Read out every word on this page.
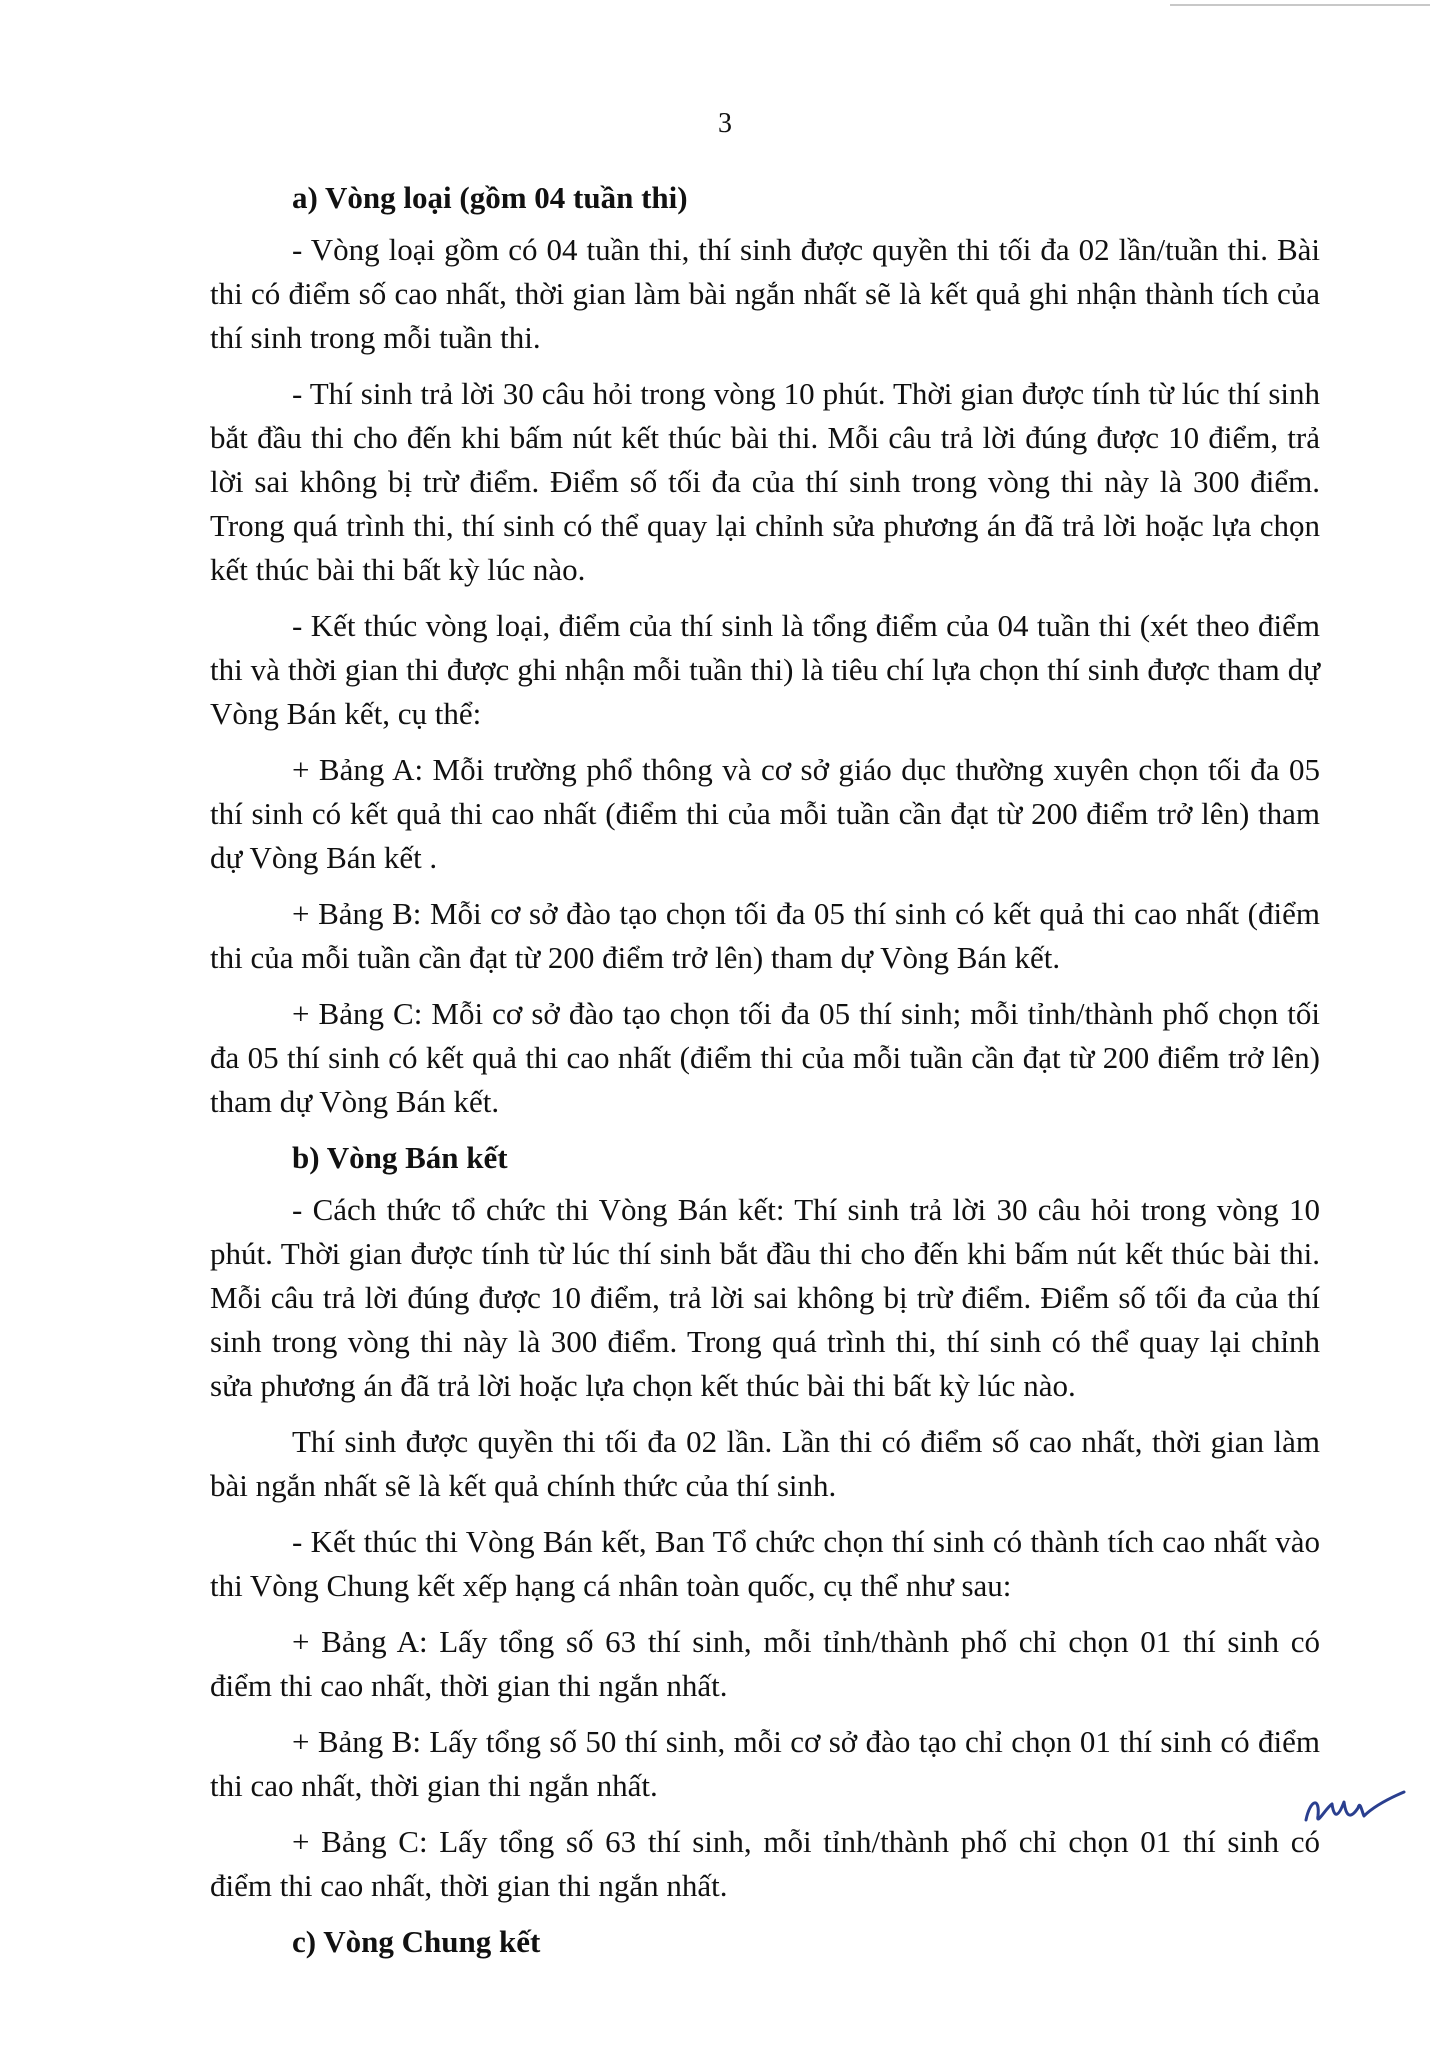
3

a) Vòng loại (gồm 04 tuần thi)

- Vòng loại gồm có 04 tuần thi, thí sinh được quyền thi tối đa 02 lần/tuần thi. Bài thi có điểm số cao nhất, thời gian làm bài ngắn nhất sẽ là kết quả ghi nhận thành tích của thí sinh trong mỗi tuần thi.

- Thí sinh trả lời 30 câu hỏi trong vòng 10 phút. Thời gian được tính từ lúc thí sinh bắt đầu thi cho đến khi bấm nút kết thúc bài thi. Mỗi câu trả lời đúng được 10 điểm, trả lời sai không bị trừ điểm. Điểm số tối đa của thí sinh trong vòng thi này là 300 điểm. Trong quá trình thi, thí sinh có thể quay lại chỉnh sửa phương án đã trả lời hoặc lựa chọn kết thúc bài thi bất kỳ lúc nào.

- Kết thúc vòng loại, điểm của thí sinh là tổng điểm của 04 tuần thi (xét theo điểm thi và thời gian thi được ghi nhận mỗi tuần thi) là tiêu chí lựa chọn thí sinh được tham dự Vòng Bán kết, cụ thể:

+ Bảng A: Mỗi trường phổ thông và cơ sở giáo dục thường xuyên chọn tối đa 05 thí sinh có kết quả thi cao nhất (điểm thi của mỗi tuần cần đạt từ 200 điểm trở lên) tham dự Vòng Bán kết .

+ Bảng B: Mỗi cơ sở đào tạo chọn tối đa 05 thí sinh có kết quả thi cao nhất (điểm thi của mỗi tuần cần đạt từ 200 điểm trở lên) tham dự Vòng Bán kết.

+ Bảng C: Mỗi cơ sở đào tạo chọn tối đa 05 thí sinh; mỗi tỉnh/thành phố chọn tối đa 05 thí sinh có kết quả thi cao nhất (điểm thi của mỗi tuần cần đạt từ 200 điểm trở lên) tham dự Vòng Bán kết.

b) Vòng Bán kết

- Cách thức tổ chức thi Vòng Bán kết: Thí sinh trả lời 30 câu hỏi trong vòng 10 phút. Thời gian được tính từ lúc thí sinh bắt đầu thi cho đến khi bấm nút kết thúc bài thi. Mỗi câu trả lời đúng được 10 điểm, trả lời sai không bị trừ điểm. Điểm số tối đa của thí sinh trong vòng thi này là 300 điểm. Trong quá trình thi, thí sinh có thể quay lại chỉnh sửa phương án đã trả lời hoặc lựa chọn kết thúc bài thi bất kỳ lúc nào.

Thí sinh được quyền thi tối đa 02 lần. Lần thi có điểm số cao nhất, thời gian làm bài ngắn nhất sẽ là kết quả chính thức của thí sinh.

- Kết thúc thi Vòng Bán kết, Ban Tổ chức chọn thí sinh có thành tích cao nhất vào thi Vòng Chung kết xếp hạng cá nhân toàn quốc, cụ thể như sau:

+ Bảng A: Lấy tổng số 63 thí sinh, mỗi tỉnh/thành phố chỉ chọn 01 thí sinh có điểm thi cao nhất, thời gian thi ngắn nhất.

+ Bảng B: Lấy tổng số 50 thí sinh, mỗi cơ sở đào tạo chỉ chọn 01 thí sinh có điểm thi cao nhất, thời gian thi ngắn nhất.

+ Bảng C: Lấy tổng số 63 thí sinh, mỗi tỉnh/thành phố chỉ chọn 01 thí sinh có điểm thi cao nhất, thời gian thi ngắn nhất.

c) Vòng Chung kết
